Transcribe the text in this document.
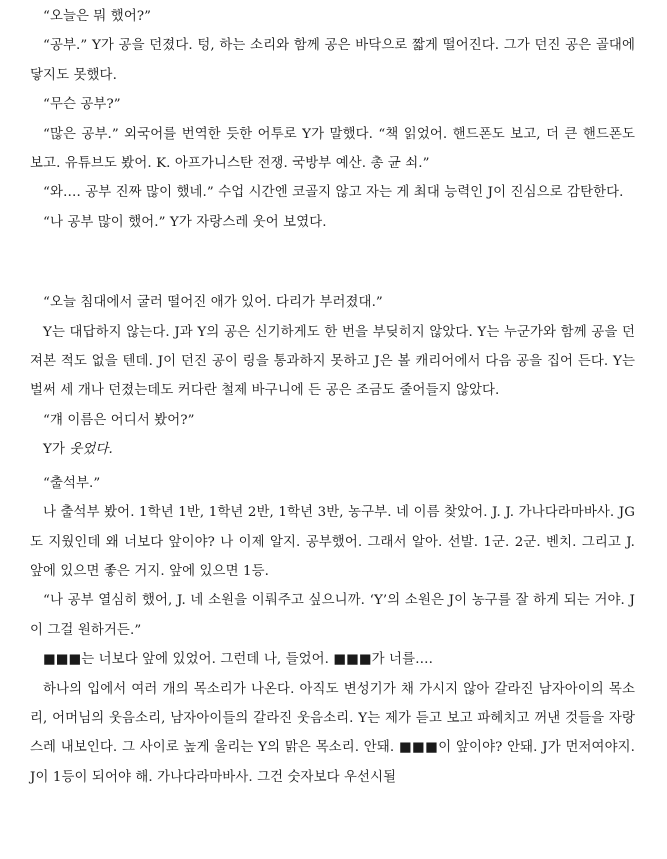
“오늘은 뭐 했어?”

“공부.” Y가 공을 던졌다. 텅, 하는 소리와 함께 공은 바닥으로 짧게 떨어진다. 그가 던진 공은 골대에 닿지도 못했다.

“무슨 공부?”

“많은 공부.” 외국어를 번역한 듯한 어투로 Y가 말했다. “책 읽었어. 핸드폰도 보고, 더 큰 핸드폰도 보고. 유튜브도 봤어. K. 아프가니스탄 전쟁. 국방부 예산. 총 균 쇠.”

“와…. 공부 진짜 많이 했네.” 수업 시간엔 코골지 않고 자는 게 최대 능력인 J이 진심으로 감탄한다.

“나 공부 많이 했어.” Y가 자랑스레 웃어 보였다.

“오늘 침대에서 굴러 떨어진 애가 있어. 다리가 부러졌대.”

Y는 대답하지 않는다. J과 Y의 공은 신기하게도 한 번을 부딪히지 않았다. Y는 누군가와 함께 공을 던져본 적도 없을 텐데. J이 던진 공이 링을 통과하지 못하고 J은 볼 캐리어에서 다음 공을 집어 든다. Y는 벌써 세 개나 던졌는데도 커다란 철제 바구니에 든 공은 조금도 줄어들지 않았다.

“걔 이름은 어디서 봤어?”

Y가 웃었다.

“출석부.”

나 출석부 봤어. 1학년 1반, 1학년 2반, 1학년 3반, 농구부. 네 이름 찾았어. J. J. 가나다라마바사. JG도 지웠인데 왜 너보다 앞이야? 나 이제 알지. 공부했어. 그래서 알아. 선발. 1군. 2군. 벤치. 그리고 J. 앞에 있으면 좋은 거지. 앞에 있으면 1등.

“나 공부 열심히 했어, J. 네 소원을 이뤄주고 싶으니까. ‘Y’의 소원은 J이 농구를 잘 하게 되는 거야. J이 그걸 원하거든.”

■■■는 너보다 앞에 있었어. 그런데 나, 들었어. ■■■가 너를….

하나의 입에서 여러 개의 목소리가 나온다. 아직도 변성기가 채 가시지 않아 갈라진 남자아이의 목소리, 어머님의 웃음소리, 남자아이들의 갈라진 웃음소리. Y는 제가 듣고 보고 파헤치고 꺼낸 것들을 자랑스레 내보인다. 그 사이로 높게 울리는 Y의 맑은 목소리. 안돼. ■■■이 앞이야? 안돼. J가 먼저여야지. J이 1등이 되어야 해. 가나다라마바사. 그건 숫자보다 우선시될
